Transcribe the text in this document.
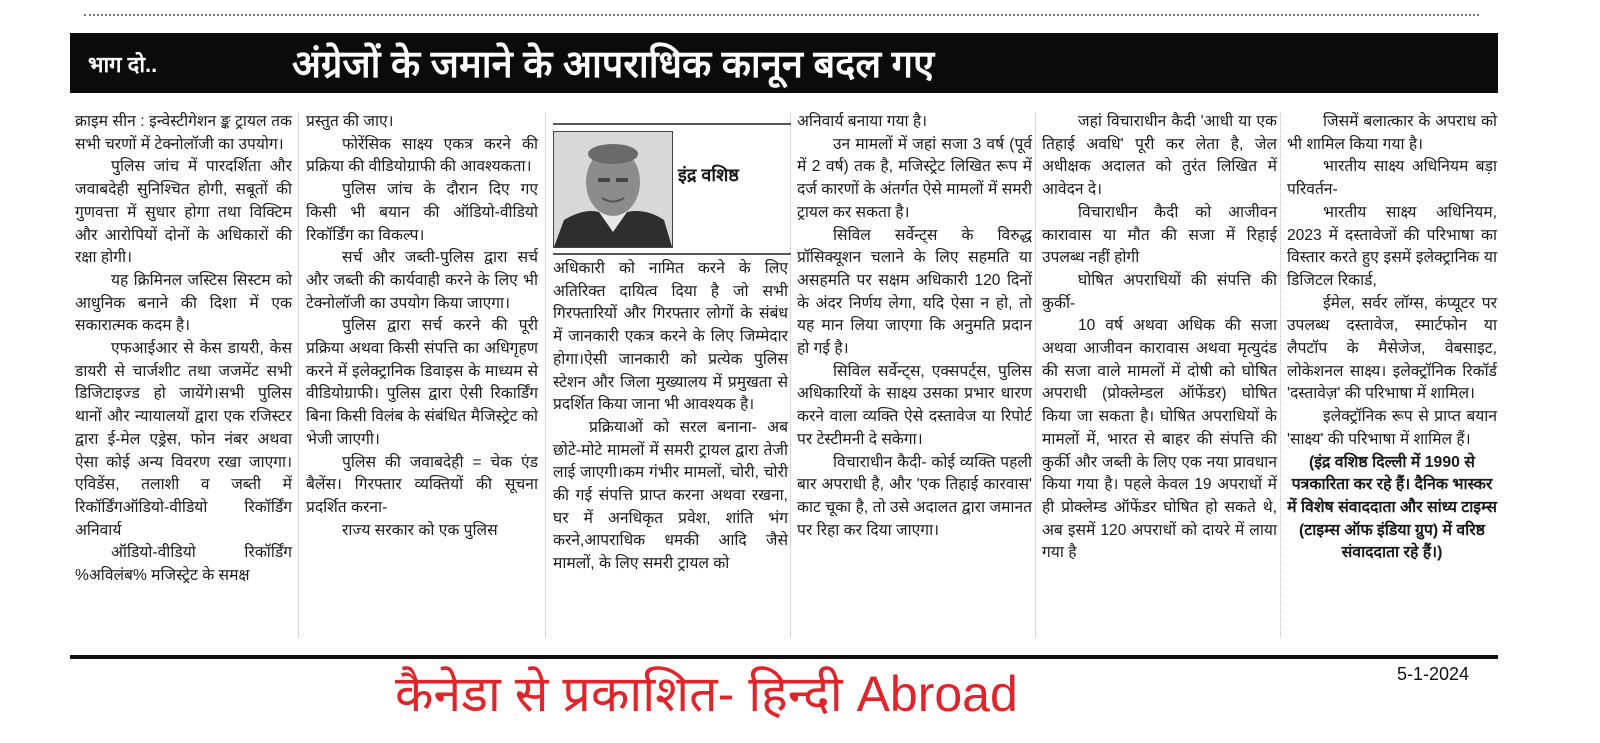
भाग दो..	अंग्रेजों के जमाने के आपराधिक कानून बदल गए

क्राइम सीन : इन्वेस्टीगेशन ङ्क ट्रायल तक सभी चरणों में टेक्नोलॉजी का उपयोग।

पुलिस जांच में पारदर्शिता और जवाबदेही सुनिश्चित होगी, सबूतों की गुणवत्ता में सुधार होगा तथा विक्टिम और आरोपियों दोनों के अधिकारों की रक्षा होगी।

यह क्रिमिनल जस्टिस सिस्टम को आधुनिक बनाने की दिशा में एक सकारात्मक कदम है।

एफआईआर से केस डायरी, केस डायरी से चार्जशीट तथा जजमेंट सभी डिजिटाइज्ड हो जायेंगे।सभी पुलिस थानों और न्यायालयों द्वारा एक रजिस्टर द्वारा ई-मेल एड्रेस, फोन नंबर अथवा ऐसा कोई अन्य विवरण रखा जाएगा। एविडेंस, तलाशी व जब्ती में रिकॉर्डिंगऑडियो-वीडियो रिकॉर्डिंग अनिवार्य

ऑडियो-वीडियो रिकॉर्डिंग %अविलंब% मजिस्ट्रेट के समक्ष

प्रस्तुत की जाए।

फोरेंसिक साक्ष्य एकत्र करने की प्रक्रिया की वीडियोग्राफी की आवश्यकता।

पुलिस जांच के दौरान दिए गए किसी भी बयान की ऑडियो-वीडियो रिकॉर्डिंग का विकल्प।

सर्च और जब्ती-पुलिस द्वारा सर्च और जब्ती की कार्यवाही करने के लिए भी टेक्नोलॉजी का उपयोग किया जाएगा।

पुलिस द्वारा सर्च करने की पूरी प्रक्रिया अथवा किसी संपत्ति का अधिगृहण करने में इलेक्ट्रानिक डिवाइस के माध्यम से वीडियोग्राफी। पुलिस द्वारा ऐसी रिकार्डिंग बिना किसी विलंब के संबंधित मैजिस्ट्रेट को भेजी जाएगी।

पुलिस की जवाबदेही = चेक एंड बैलेंस। गिरफ्तार व्यक्तियों की सूचना प्रदर्शित करना-

राज्य सरकार को एक पुलिस

इंद्र वशिष्ठ

अधिकारी को नामित करने के लिए अतिरिक्त दायित्व दिया है जो सभी गिरफ्तारियों और गिरफ्तार लोगों के संबंध में जानकारी एकत्र करने के लिए जिम्मेदार होगा।ऐसी जानकारी को प्रत्येक पुलिस स्टेशन और जिला मुख्यालय में प्रमुखता से प्रदर्शित किया जाना भी आवश्यक है।

प्रक्रियाओं को सरल बनाना- अब छोटे-मोटे मामलों में समरी ट्रायल द्वारा तेजी लाई जाएगी।कम गंभीर मामलों, चोरी, चोरी की गई संपत्ति प्राप्त करना अथवा रखना, घर में अनधिकृत प्रवेश, शांति भंग करने,आपराधिक धमकी आदि जैसे मामलों, के लिए समरी ट्रायल को

अनिवार्य बनाया गया है।

उन मामलों में जहां सजा 3 वर्ष (पूर्व में 2 वर्ष) तक है, मजिस्ट्रेट लिखित रूप में दर्ज कारणों के अंतर्गत ऐसे मामलों में समरी ट्रायल कर सकता है।

सिविल सर्वेन्ट्स के विरुद्ध प्रॉसिक्यूशन चलाने के लिए सहमति या असहमति पर सक्षम अधिकारी 120 दिनों के अंदर निर्णय लेगा, यदि ऐसा न हो, तो यह मान लिया जाएगा कि अनुमति प्रदान हो गई है।

सिविल सर्वेन्ट्स, एक्सपर्ट्स, पुलिस अधिकारियों के साक्ष्य उसका प्रभार धारण करने वाला व्यक्ति ऐसे दस्तावेज या रिपोर्ट पर टेस्टीमनी दे सकेगा।

विचाराधीन कैदी- कोई व्यक्ति पहली बार अपराधी है, और 'एक तिहाई कारवास' काट चूका है, तो उसे अदालत द्वारा जमानत पर रिहा कर दिया जाएगा।

जहां विचाराधीन कैदी 'आधी या एक तिहाई अवधि' पूरी कर लेता है, जेल अधीक्षक अदालत को तुरंत लिखित में आवेदन दे।

विचाराधीन कैदी को आजीवन कारावास या मौत की सजा में रिहाई उपलब्ध नहीं होगी

घोषित अपराधियों की संपत्ति की कुर्की-

10 वर्ष अथवा अधिक की सजा अथवा आजीवन कारावास अथवा मृत्युदंड की सजा वाले मामलों में दोषी को घोषित अपराधी (प्रोक्लेम्डल ऑफेंडर) घोषित किया जा सकता है। घोषित अपराधियों के मामलों में, भारत से बाहर की संपत्ति की कुर्की और जब्ती के लिए एक नया प्रावधान किया गया है। पहले केवल 19 अपराधों में ही प्रोक्लेम्ड ऑफेंडर घोषित हो सकते थे, अब इसमें 120 अपराधों को दायरे में लाया गया है

जिसमें बलात्कार के अपराध को भी शामिल किया गया है।

भारतीय साक्ष्य अधिनियम बड़ा परिवर्तन-

भारतीय साक्ष्य अधिनियम, 2023 में दस्तावेजों की परिभाषा का विस्तार करते हुए इसमें इलेक्ट्रानिक या डिजिटल रिकार्ड,

ईमेल, सर्वर लॉग्स, कंप्यूटर पर उपलब्ध दस्तावेज, स्मार्टफोन या लैपटॉप के मैसेजेज, वेबसाइट, लोकेशनल साक्ष्य। इलेक्ट्रॉनिक रिकॉर्ड 'दस्तावेज़' की परिभाषा में शामिल।

इलेक्ट्रॉनिक रूप से प्राप्त बयान 'साक्ष्य' की परिभाषा में शामिल हैं।

(इंद्र वशिष्ठ दिल्ली में 1990 से पत्रकारिता कर रहे हैं। दैनिक भास्कर में विशेष संवाददाता और सांध्य टाइम्स (टाइम्स ऑफ इंडिया ग्रुप) में वरिष्ठ संवाददाता रहे हैं।)

कैनेडा से प्रकाशित- हिन्दी Abroad	5-1-2024
